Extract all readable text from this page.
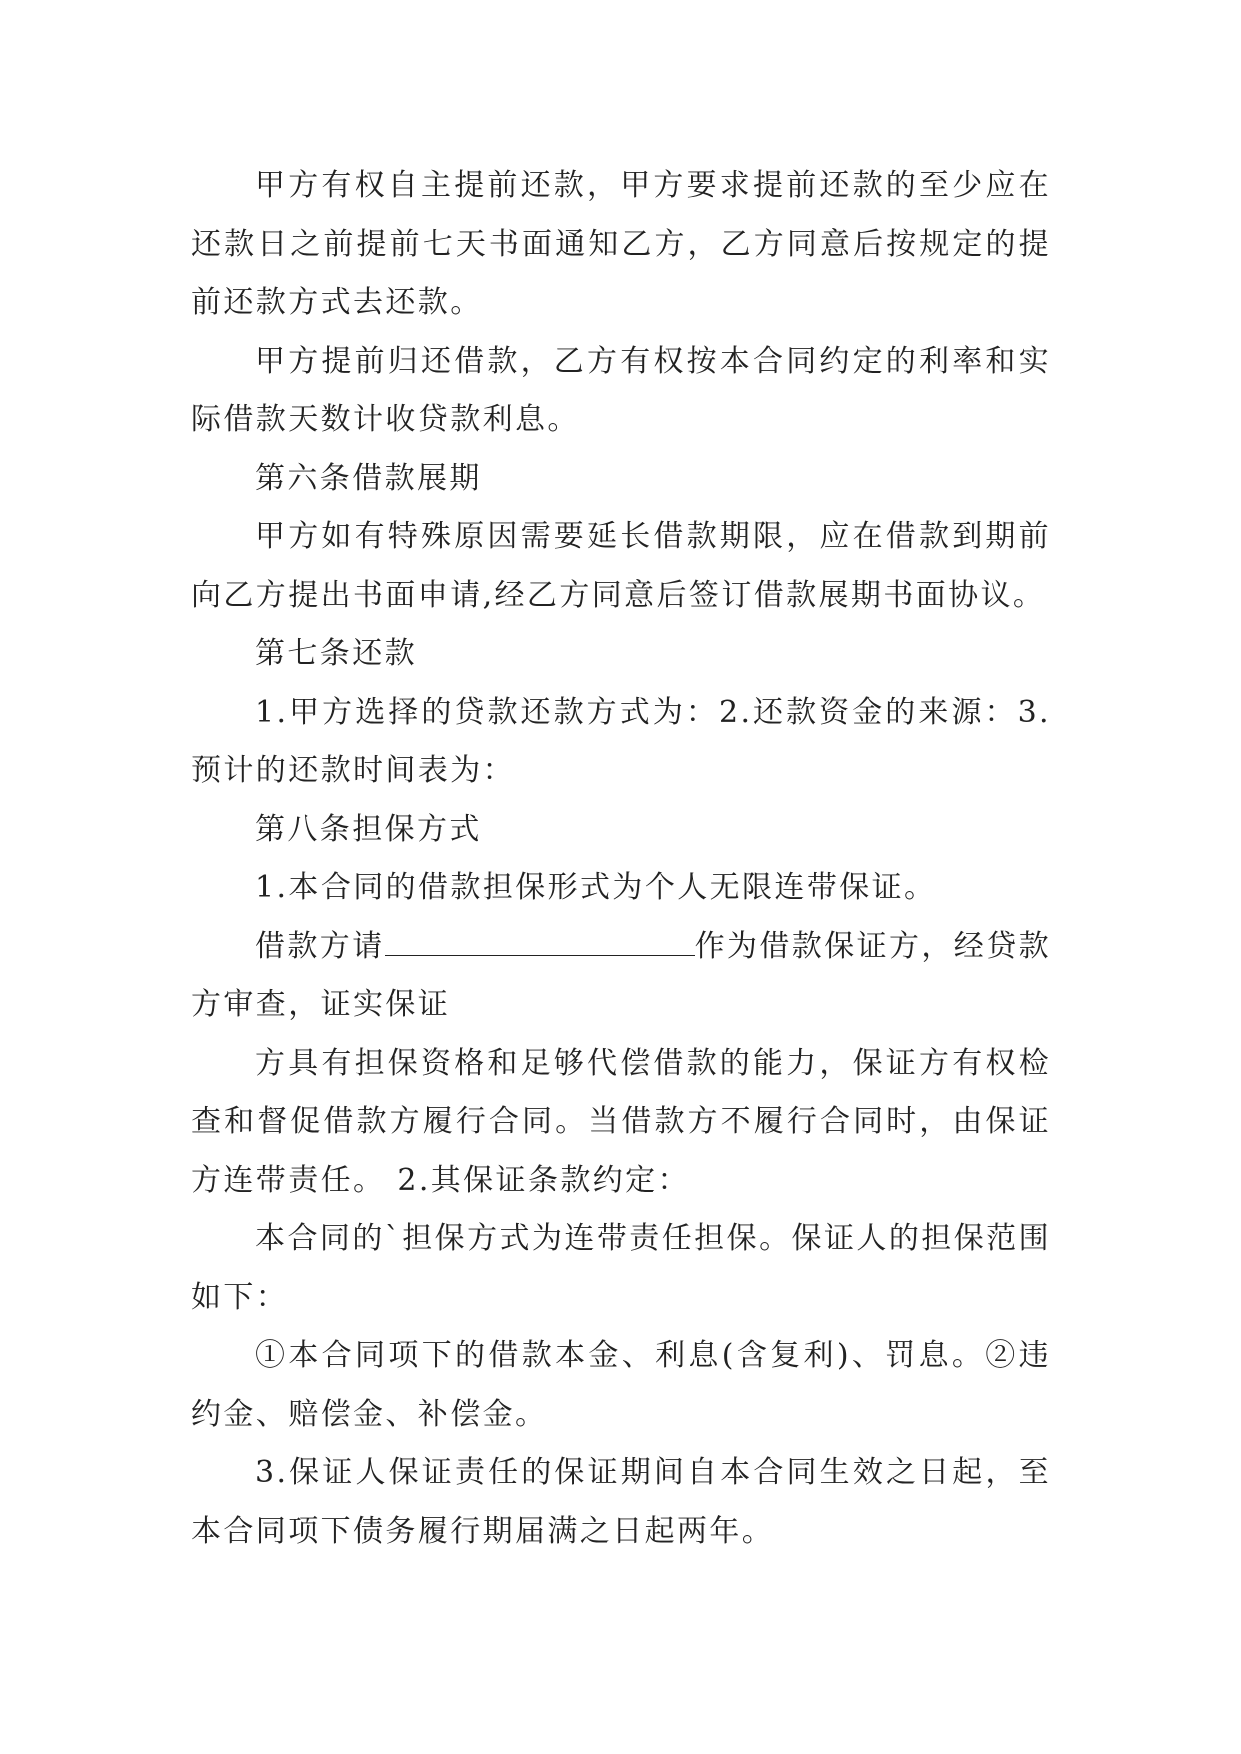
甲方有权自主提前还款，甲方要求提前还款的至少应在还款日之前提前七天书面通知乙方，乙方同意后按规定的提前还款方式去还款。

甲方提前归还借款，乙方有权按本合同约定的利率和实际借款天数计收贷款利息。

第六条借款展期

甲方如有特殊原因需要延长借款期限，应在借款到期前向乙方提出书面申请,经乙方同意后签订借款展期书面协议。

第七条还款

1.甲方选择的贷款还款方式为：2.还款资金的来源：3.预计的还款时间表为：

第八条担保方式

1.本合同的借款担保形式为个人无限连带保证。

借款方请	作为借款保证方，经贷款方审查，证实保证

方具有担保资格和足够代偿借款的能力，保证方有权检查和督促借款方履行合同。当借款方不履行合同时，由保证方连带责任。 2.其保证条款约定：

本合同的`担保方式为连带责任担保。保证人的担保范围如下：

①本合同项下的借款本金、利息(含复利)、罚息。②违约金、赔偿金、补偿金。

3.保证人保证责任的保证期间自本合同生效之日起，至本合同项下债务履行期届满之日起两年。
